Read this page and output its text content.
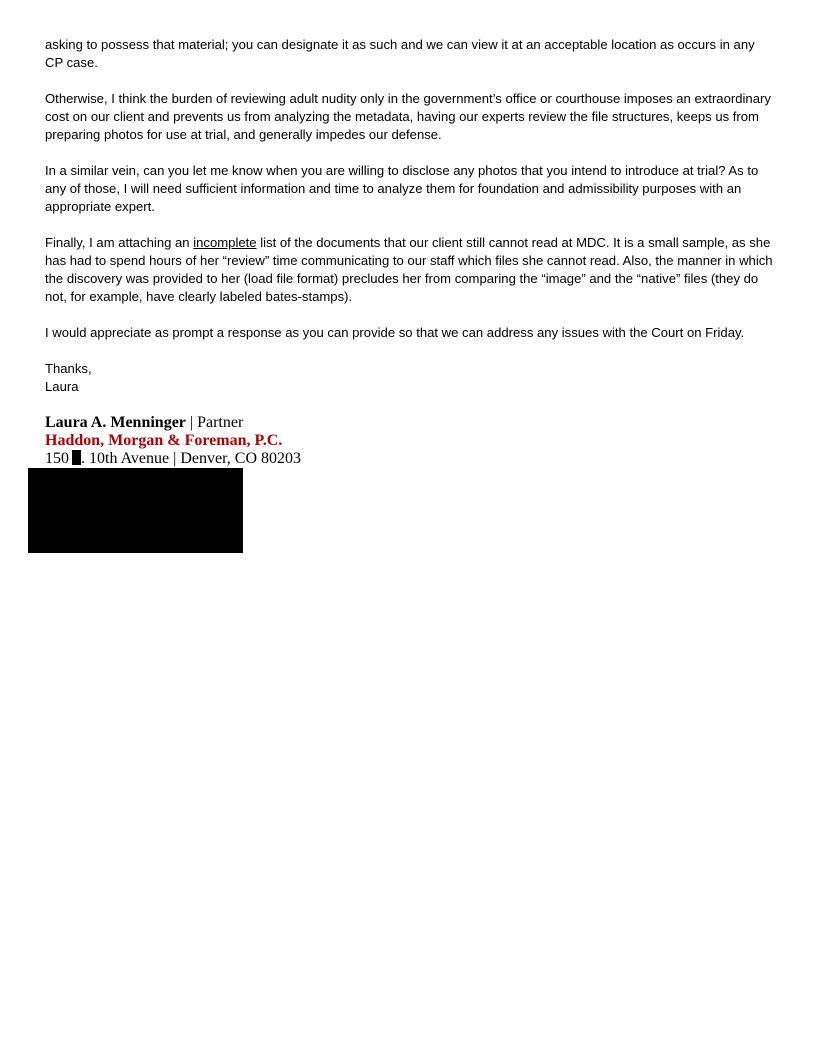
asking to possess that material; you can designate it as such and we can view it at an acceptable location as occurs in any CP case.

Otherwise, I think the burden of reviewing adult nudity only in the government’s office or courthouse imposes an extraordinary cost on our client and prevents us from analyzing the metadata, having our experts review the file structures, keeps us from preparing photos for use at trial, and generally impedes our defense.

In a similar vein, can you let me know when you are willing to disclose any photos that you intend to introduce at trial? As to any of those, I will need sufficient information and time to analyze them for foundation and admissibility purposes with an appropriate expert.

Finally, I am attaching an incomplete list of the documents that our client still cannot read at MDC. It is a small sample, as she has had to spend hours of her “review” time communicating to our staff which files she cannot read. Also, the manner in which the discovery was provided to her (load file format) precludes her from comparing the “image” and the “native” files (they do not, for example, have clearly labeled bates-stamps).

I would appreciate as prompt a response as you can provide so that we can address any issues with the Court on Friday.

Thanks,
Laura
Laura A. Menninger | Partner
Haddon, Morgan & Foreman, P.C.
150 . 10th Avenue | Denver, CO 80203
